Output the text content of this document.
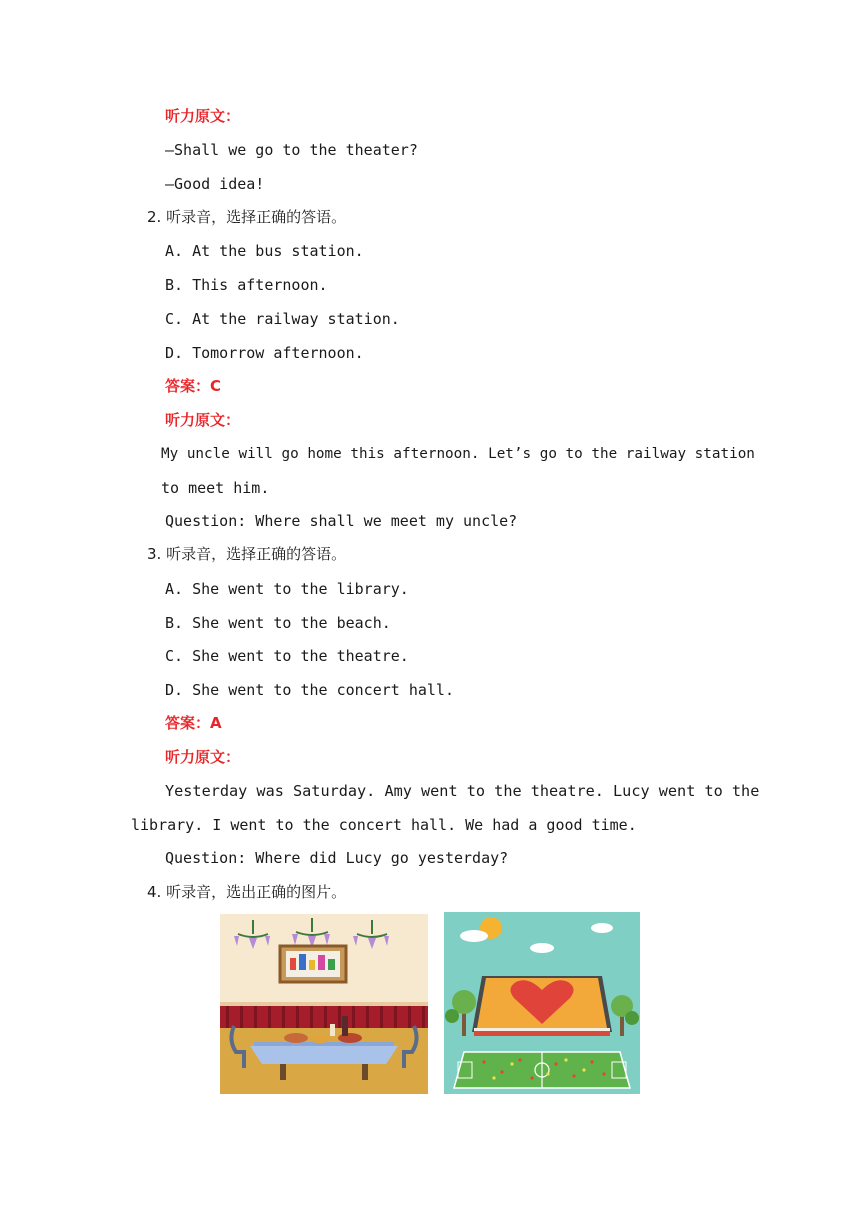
听力原文：
—Shall we go to the theater?
—Good idea!
2. 听录音，选择正确的答语。
A. At the bus station.
B. This afternoon.
C. At the railway station.
D. Tomorrow afternoon.
答案：C
听力原文：
My uncle will go home this afternoon. Let’s go to the railway station
to meet him.
Question: Where shall we meet my uncle?
3. 听录音，选择正确的答语。
A. She went to the library.
B. She went to the beach.
C. She went to the theatre.
D. She went to the concert hall.
答案：A
听力原文：
Yesterday was Saturday. Amy went to the theatre. Lucy went to the
library. I went to the concert hall. We had a good time.
Question: Where did Lucy go yesterday?
4. 听录音，选出正确的图片。
